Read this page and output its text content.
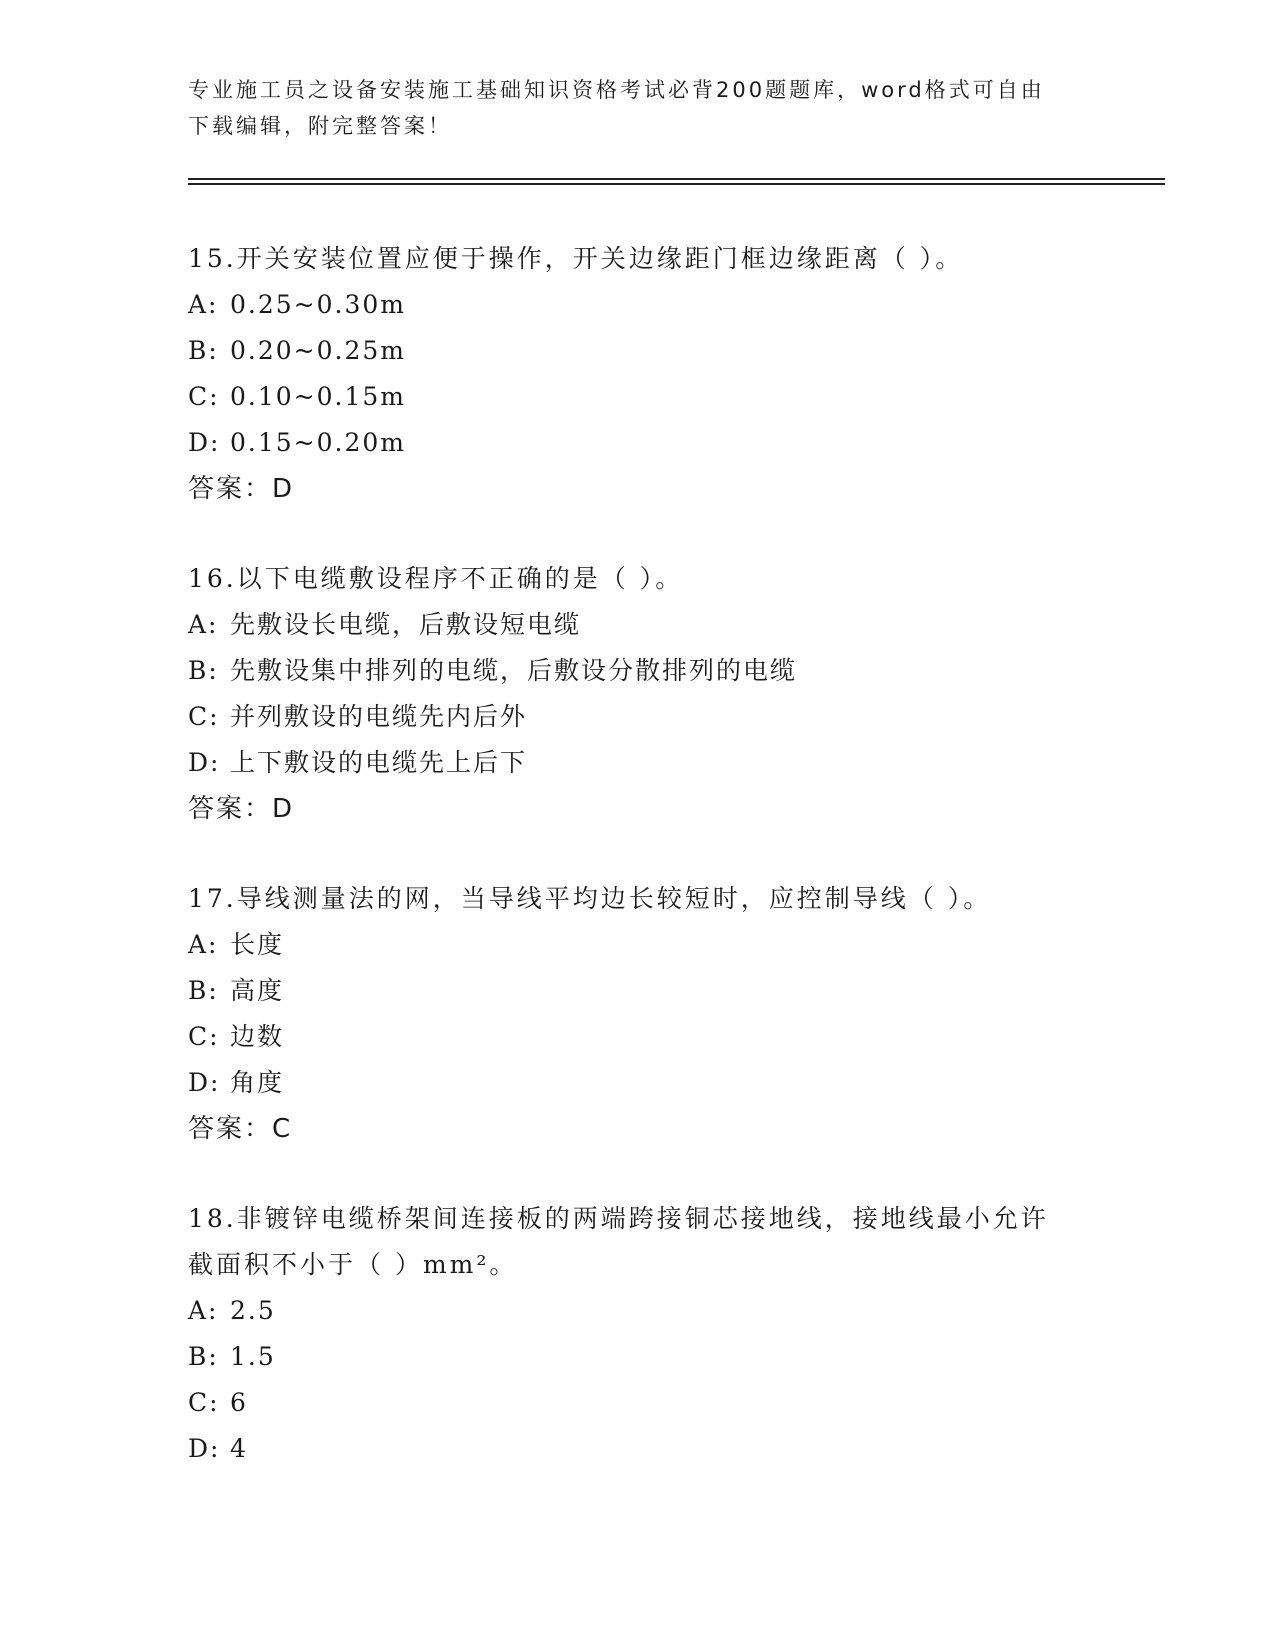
专业施工员之设备安装施工基础知识资格考试必背200题题库，word格式可自由
下载编辑，附完整答案！

15.开关安装位置应便于操作，开关边缘距门框边缘距离（ ）。

A: 0.25~0.30m

B: 0.20~0.25m

C: 0.10~0.15m

D: 0.15~0.20m

答案：D

16.以下电缆敷设程序不正确的是（ ）。

A: 先敷设长电缆，后敷设短电缆

B: 先敷设集中排列的电缆，后敷设分散排列的电缆

C: 并列敷设的电缆先内后外

D: 上下敷设的电缆先上后下

答案：D

17.导线测量法的网，当导线平均边长较短时，应控制导线（ ）。

A: 长度

B: 高度

C: 边数

D: 角度

答案：C

18.非镀锌电缆桥架间连接板的两端跨接铜芯接地线，接地线最小允许

截面积不小于（ ）mm²。

A: 2.5

B: 1.5

C: 6

D: 4
